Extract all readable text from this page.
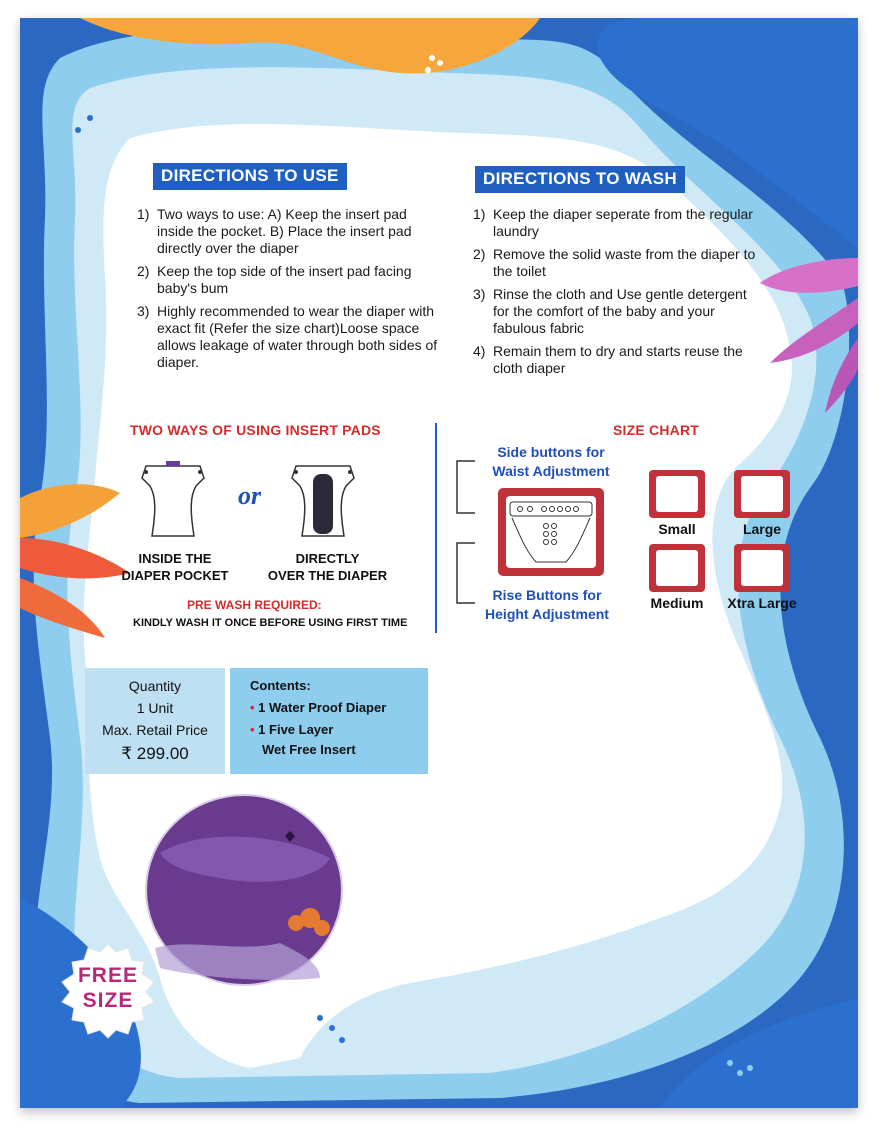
DIRECTIONS TO USE
1) Two ways to use: A) Keep the insert pad inside the pocket. B) Place the insert pad directly over the diaper
2) Keep the top side of the insert pad facing baby's bum
3) Highly recommended to wear the diaper with exact fit (Refer the size chart)Loose space allows leakage of water through both sides of diaper.
DIRECTIONS TO WASH
1) Keep the diaper seperate from the regular laundry
2) Remove the solid waste from the diaper to the toilet
3) Rinse the cloth and Use gentle detergent for the comfort of the baby and your fabulous fabric
4) Remain them to dry and starts reuse the cloth diaper
TWO WAYS OF USING INSERT PADS
or
INSIDE THE
DIAPER POCKET
DIRECTLY
OVER THE DIAPER
PRE WASH REQUIRED:
KINDLY WASH IT ONCE BEFORE USING FIRST TIME
SIZE CHART
Side buttons for
Waist Adjustment
Rise Buttons for
Height Adjustment
Small	Large
Medium	Xtra Large
Quantity
1 Unit
Max. Retail Price
₹ 299.00
Contents:
• 1 Water Proof Diaper
• 1 Five Layer
Wet Free Insert
FREE
SIZE
